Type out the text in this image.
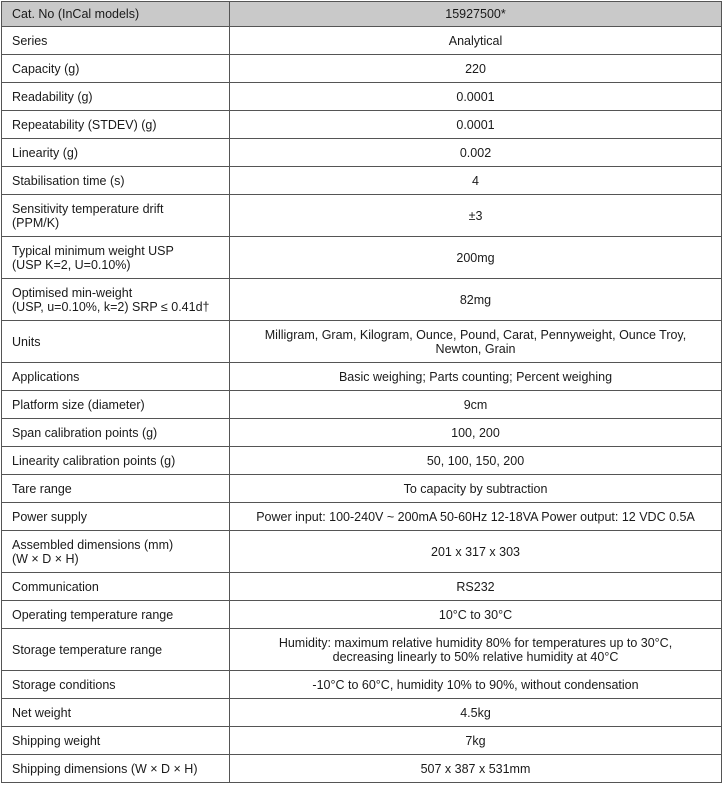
Cat. No (InCal models)	15927500*
Series	Analytical
Capacity (g)	220
Readability (g)	0.0001
Repeatability (STDEV) (g)	0.0001
Linearity (g)	0.002
Stabilisation time (s)	4
Sensitivity temperature drift
(PPM/K)	±3
Typical minimum weight USP
(USP K=2, U=0.10%)	200mg
Optimised min-weight
(USP, u=0.10%, k=2) SRP ≤ 0.41d†	82mg
Units	Milligram, Gram, Kilogram, Ounce, Pound, Carat, Pennyweight, Ounce Troy,
Newton, Grain
Applications	Basic weighing; Parts counting; Percent weighing
Platform size (diameter)	9cm
Span calibration points (g)	100, 200
Linearity calibration points (g)	50, 100, 150, 200
Tare range	To capacity by subtraction
Power supply	Power input: 100-240V ~ 200mA 50-60Hz 12-18VA Power output: 12 VDC 0.5A
Assembled dimensions (mm)
(W × D × H)	201 x 317 x 303
Communication	RS232
Operating temperature range	10°C to 30°C
Storage temperature range	Humidity: maximum relative humidity 80% for temperatures up to 30°C,
decreasing linearly to 50% relative humidity at 40°C
Storage conditions	-10°C to 60°C, humidity 10% to 90%, without condensation
Net weight	4.5kg
Shipping weight	7kg
Shipping dimensions (W × D × H)	507 x 387 x 531mm
